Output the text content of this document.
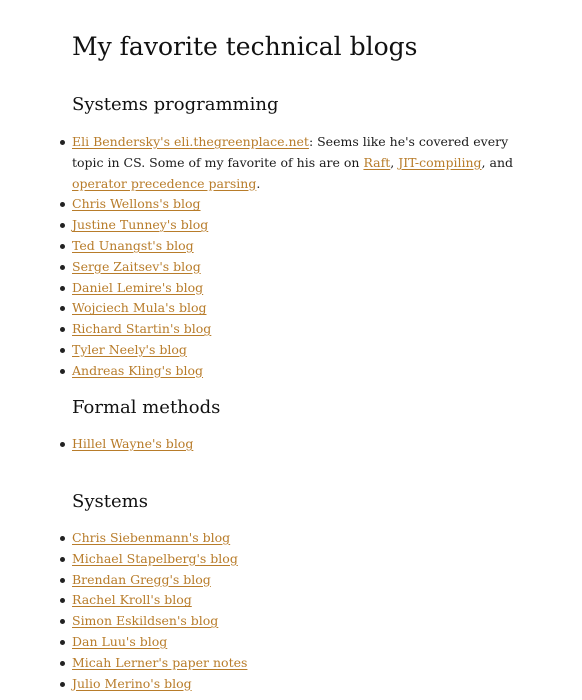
My favorite technical blogs
Systems programming
Eli Bendersky's eli.thegreenplace.net: Seems like he's covered every topic in CS. Some of my favorite of his are on Raft, JIT-compiling, and operator precedence parsing.
Chris Wellons's blog
Justine Tunney's blog
Ted Unangst's blog
Serge Zaitsev's blog
Daniel Lemire's blog
Wojciech Mula's blog
Richard Startin's blog
Tyler Neely's blog
Andreas Kling's blog
Formal methods
Hillel Wayne's blog
Systems
Chris Siebenmann's blog
Michael Stapelberg's blog
Brendan Gregg's blog
Rachel Kroll's blog
Simon Eskildsen's blog
Dan Luu's blog
Micah Lerner's paper notes
Julio Merino's blog
